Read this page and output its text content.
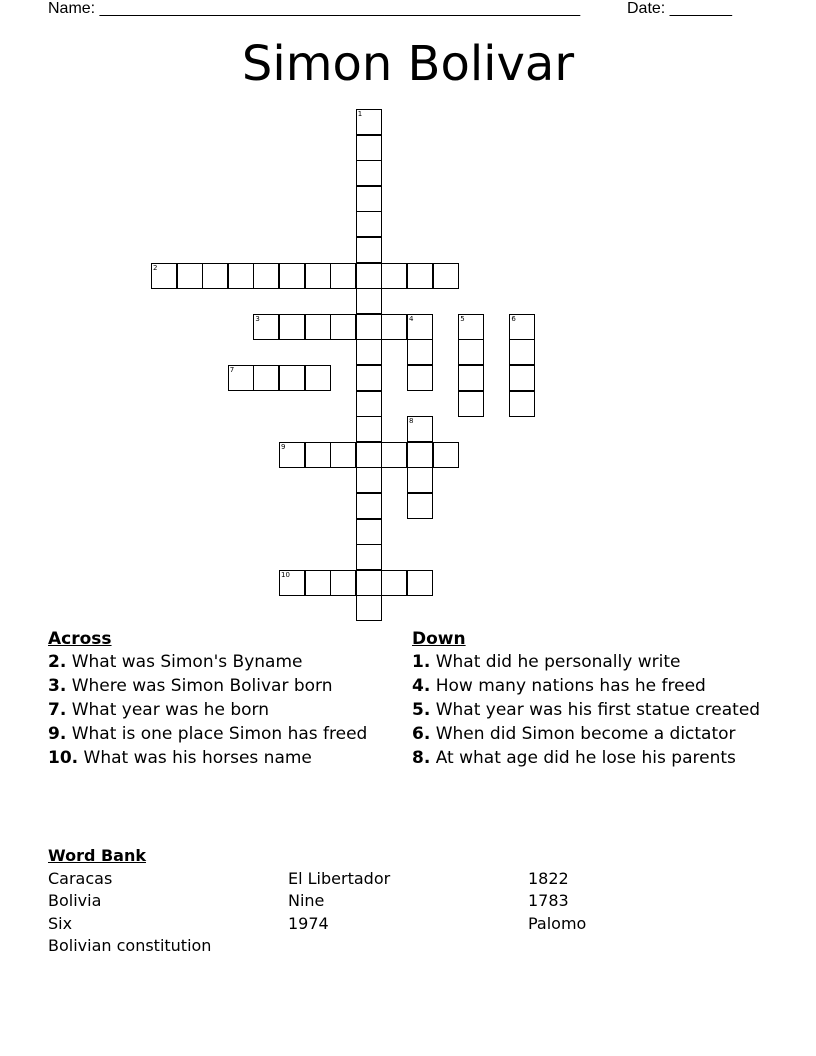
Name: ______________________________________________________	Date: _______
Simon Bolivar
1
2
3	4	5	6
7
8
9
10
Across
2. What was Simon's Byname
3. Where was Simon Bolivar born
7. What year was he born
9. What is one place Simon has freed
10. What was his horses name
Down
1. What did he personally write
4. How many nations has he freed
5. What year was his first statue created
6. When did Simon become a dictator
8. At what age did he lose his parents
Word Bank
Caracas	El Libertador	1822
Bolivia	Nine	1783
Six	1974	Palomo
Bolivian constitution
